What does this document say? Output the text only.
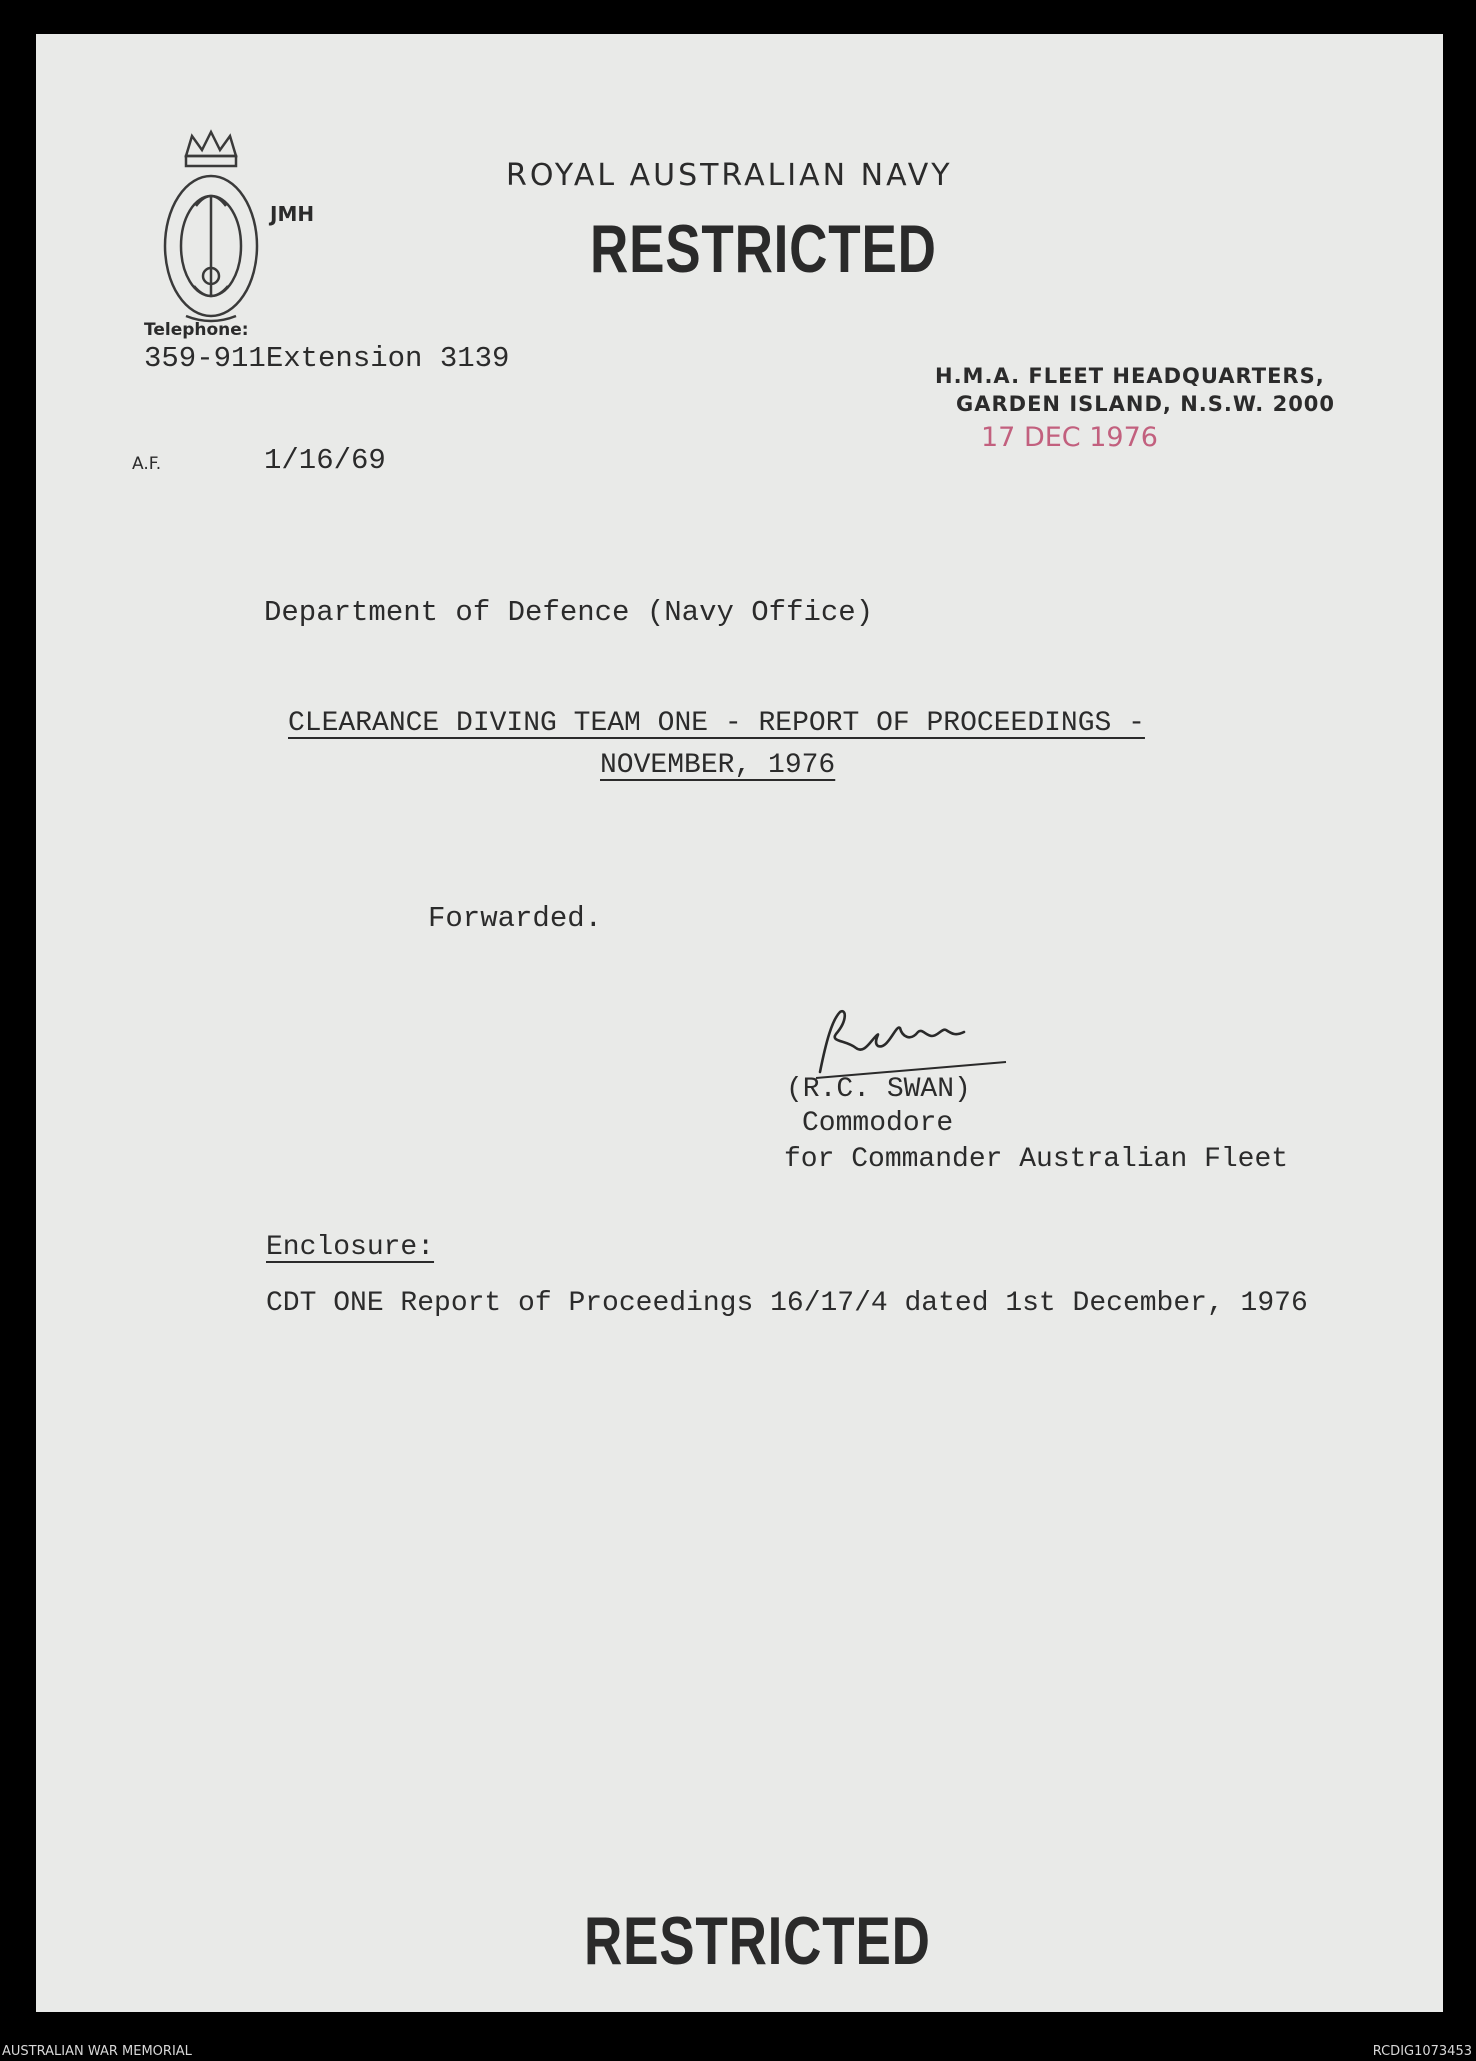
JMH
ROYAL AUSTRALIAN NAVY
RESTRICTED
Telephone:
359-911Extension 3139
H.M.A. FLEET HEADQUARTERS,
GARDEN ISLAND, N.S.W. 2000
17 DEC 1976
A.F.	1/16/69
Department of Defence (Navy Office)
CLEARANCE DIVING TEAM ONE - REPORT OF PROCEEDINGS -
NOVEMBER, 1976
Forwarded.
(R.C. SWAN)
Commodore
for Commander Australian Fleet
Enclosure:
CDT ONE Report of Proceedings 16/17/4 dated 1st December, 1976
RESTRICTED
AUSTRALIAN WAR MEMORIAL	RCDIG1073453
